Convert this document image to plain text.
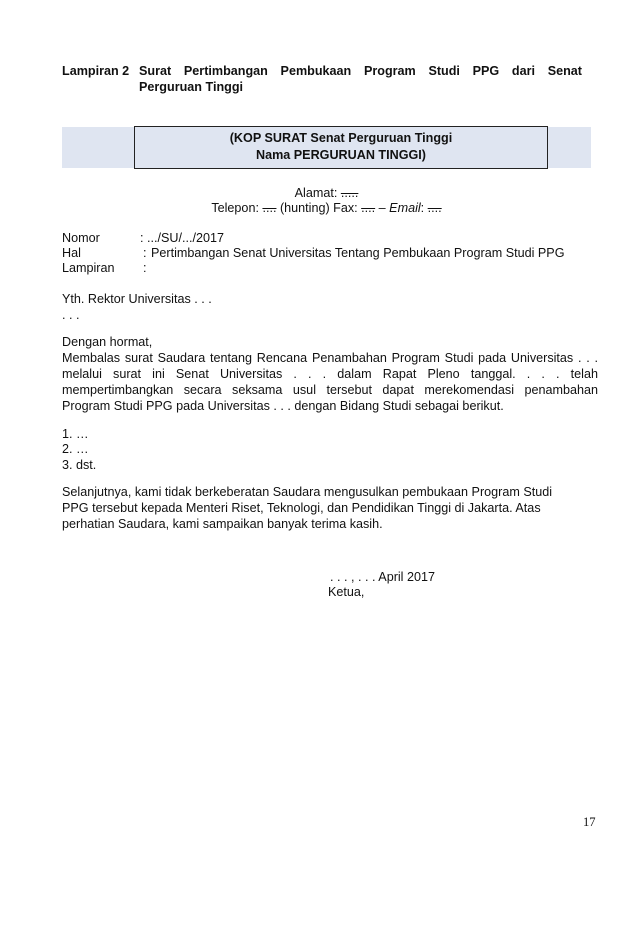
Lampiran 2 Surat Pertimbangan Pembukaan Program Studi PPG dari Senat Perguruan Tinggi
(KOP SURAT Senat Perguruan Tinggi
Nama PERGURUAN TINGGI)
Alamat: .....
Telepon: .... (hunting) Fax: .... – Email: ....
Nomor	: .../SU/.../2017
Hal	: Pertimbangan Senat Universitas Tentang Pembukaan Program Studi PPG
Lampiran :
Yth. Rektor Universitas . . .
. . .
Dengan hormat,
Membalas surat Saudara tentang Rencana Penambahan Program Studi pada Universitas . . .
melalui surat ini Senat Universitas . . . dalam Rapat Pleno tanggal. . . . telah
mempertimbangkan secara seksama usul tersebut dapat merekomendasi penambahan
Program Studi PPG pada Universitas . . . dengan Bidang Studi sebagai berikut.
1. …
2. …
3. dst.
Selanjutnya, kami tidak berkeberatan Saudara mengusulkan pembukaan Program Studi
PPG tersebut kepada Menteri Riset, Teknologi, dan Pendidikan Tinggi di Jakarta. Atas
perhatian Saudara, kami sampaikan banyak terima kasih.
. . . , . . . April 2017
Ketua,
17
